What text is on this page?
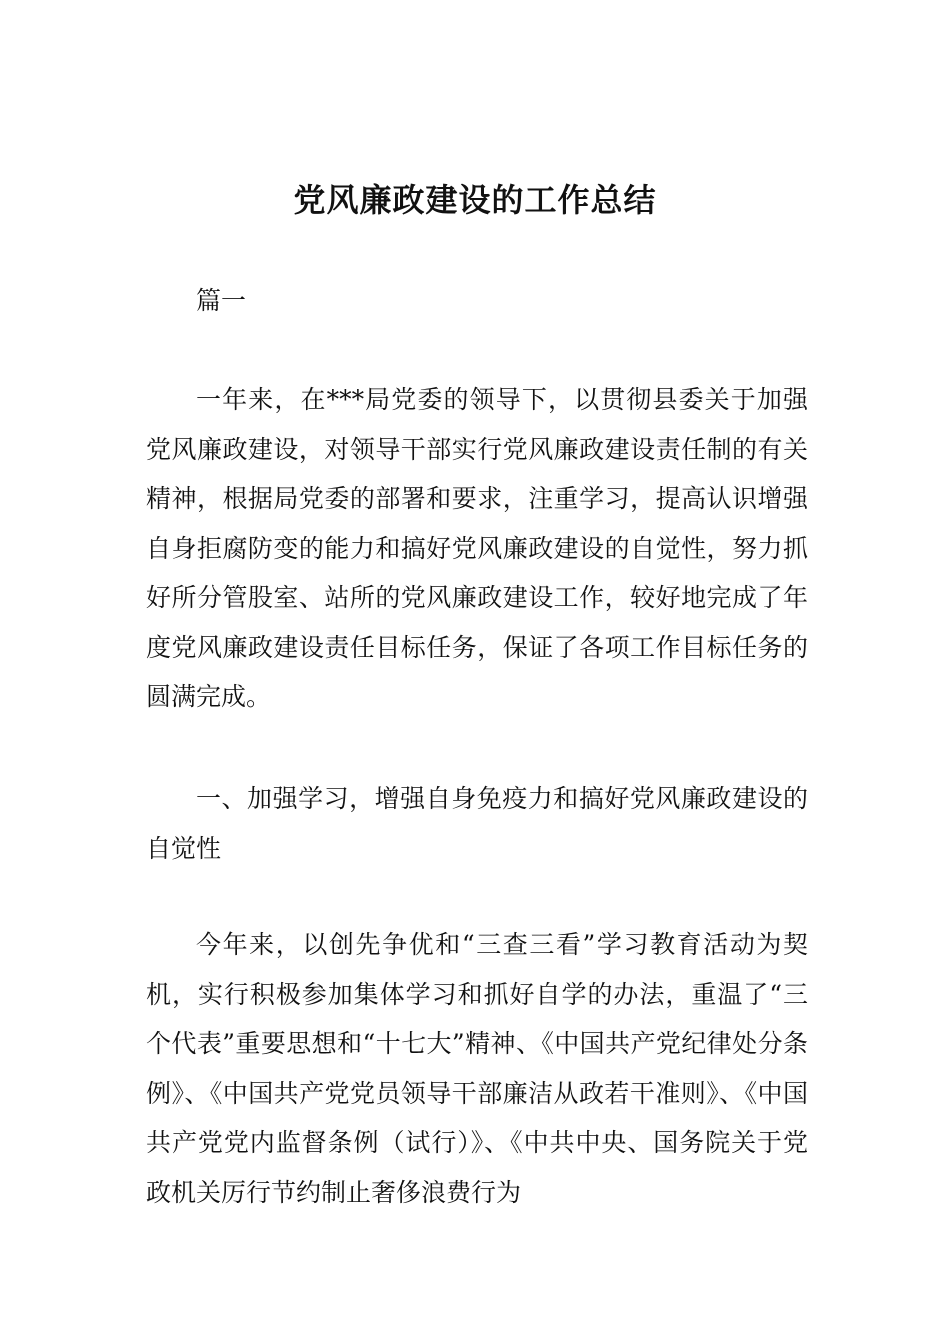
党风廉政建设的工作总结

篇一

一年来，在***局党委的领导下，以贯彻县委关于加强党风廉政建设，对领导干部实行党风廉政建设责任制的有关精神，根据局党委的部署和要求，注重学习，提高认识增强自身拒腐防变的能力和搞好党风廉政建设的自觉性，努力抓好所分管股室、站所的党风廉政建设工作，较好地完成了年度党风廉政建设责任目标任务，保证了各项工作目标任务的圆满完成。

一、加强学习，增强自身免疫力和搞好党风廉政建设的自觉性

今年来，以创先争优和“三查三看”学习教育活动为契机，实行积极参加集体学习和抓好自学的办法，重温了“三个代表”重要思想和“十七大”精神、《中国共产党纪律处分条例》、《中国共产党党员领导干部廉洁从政若干准则》、《中国共产党党内监督条例（试行）》、《中共中央、国务院关于党政机关厉行节约制止奢侈浪费行为
